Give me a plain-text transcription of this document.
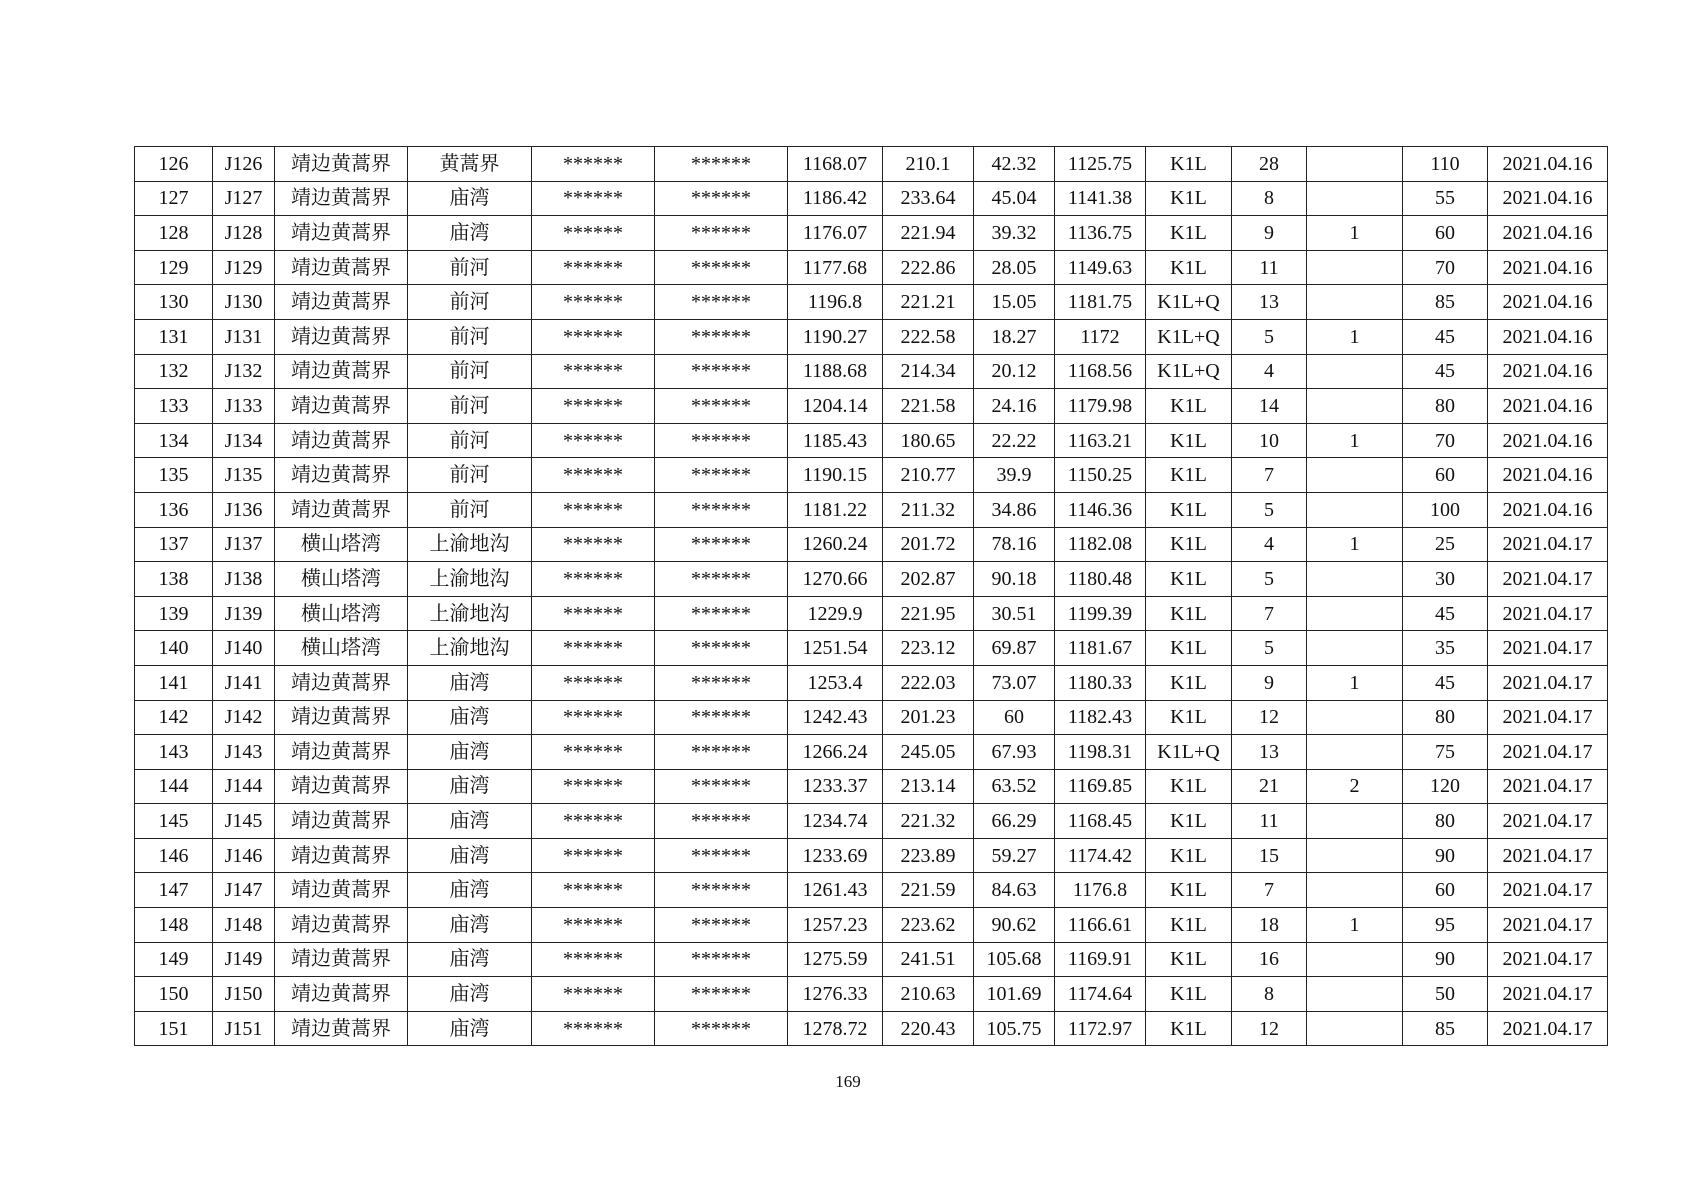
126	J126	靖边黄蒿界	黄蒿界	******	******	1168.07	210.1	42.32	1125.75	K1L	28		110	2021.04.16
127	J127	靖边黄蒿界	庙湾	******	******	1186.42	233.64	45.04	1141.38	K1L	8		55	2021.04.16
128	J128	靖边黄蒿界	庙湾	******	******	1176.07	221.94	39.32	1136.75	K1L	9	1	60	2021.04.16
129	J129	靖边黄蒿界	前河	******	******	1177.68	222.86	28.05	1149.63	K1L	11		70	2021.04.16
130	J130	靖边黄蒿界	前河	******	******	1196.8	221.21	15.05	1181.75	K1L+Q	13		85	2021.04.16
131	J131	靖边黄蒿界	前河	******	******	1190.27	222.58	18.27	1172	K1L+Q	5	1	45	2021.04.16
132	J132	靖边黄蒿界	前河	******	******	1188.68	214.34	20.12	1168.56	K1L+Q	4		45	2021.04.16
133	J133	靖边黄蒿界	前河	******	******	1204.14	221.58	24.16	1179.98	K1L	14		80	2021.04.16
134	J134	靖边黄蒿界	前河	******	******	1185.43	180.65	22.22	1163.21	K1L	10	1	70	2021.04.16
135	J135	靖边黄蒿界	前河	******	******	1190.15	210.77	39.9	1150.25	K1L	7		60	2021.04.16
136	J136	靖边黄蒿界	前河	******	******	1181.22	211.32	34.86	1146.36	K1L	5		100	2021.04.16
137	J137	横山塔湾	上渝地沟	******	******	1260.24	201.72	78.16	1182.08	K1L	4	1	25	2021.04.17
138	J138	横山塔湾	上渝地沟	******	******	1270.66	202.87	90.18	1180.48	K1L	5		30	2021.04.17
139	J139	横山塔湾	上渝地沟	******	******	1229.9	221.95	30.51	1199.39	K1L	7		45	2021.04.17
140	J140	横山塔湾	上渝地沟	******	******	1251.54	223.12	69.87	1181.67	K1L	5		35	2021.04.17
141	J141	靖边黄蒿界	庙湾	******	******	1253.4	222.03	73.07	1180.33	K1L	9	1	45	2021.04.17
142	J142	靖边黄蒿界	庙湾	******	******	1242.43	201.23	60	1182.43	K1L	12		80	2021.04.17
143	J143	靖边黄蒿界	庙湾	******	******	1266.24	245.05	67.93	1198.31	K1L+Q	13		75	2021.04.17
144	J144	靖边黄蒿界	庙湾	******	******	1233.37	213.14	63.52	1169.85	K1L	21	2	120	2021.04.17
145	J145	靖边黄蒿界	庙湾	******	******	1234.74	221.32	66.29	1168.45	K1L	11		80	2021.04.17
146	J146	靖边黄蒿界	庙湾	******	******	1233.69	223.89	59.27	1174.42	K1L	15		90	2021.04.17
147	J147	靖边黄蒿界	庙湾	******	******	1261.43	221.59	84.63	1176.8	K1L	7		60	2021.04.17
148	J148	靖边黄蒿界	庙湾	******	******	1257.23	223.62	90.62	1166.61	K1L	18	1	95	2021.04.17
149	J149	靖边黄蒿界	庙湾	******	******	1275.59	241.51	105.68	1169.91	K1L	16		90	2021.04.17
150	J150	靖边黄蒿界	庙湾	******	******	1276.33	210.63	101.69	1174.64	K1L	8		50	2021.04.17
151	J151	靖边黄蒿界	庙湾	******	******	1278.72	220.43	105.75	1172.97	K1L	12		85	2021.04.17
169
